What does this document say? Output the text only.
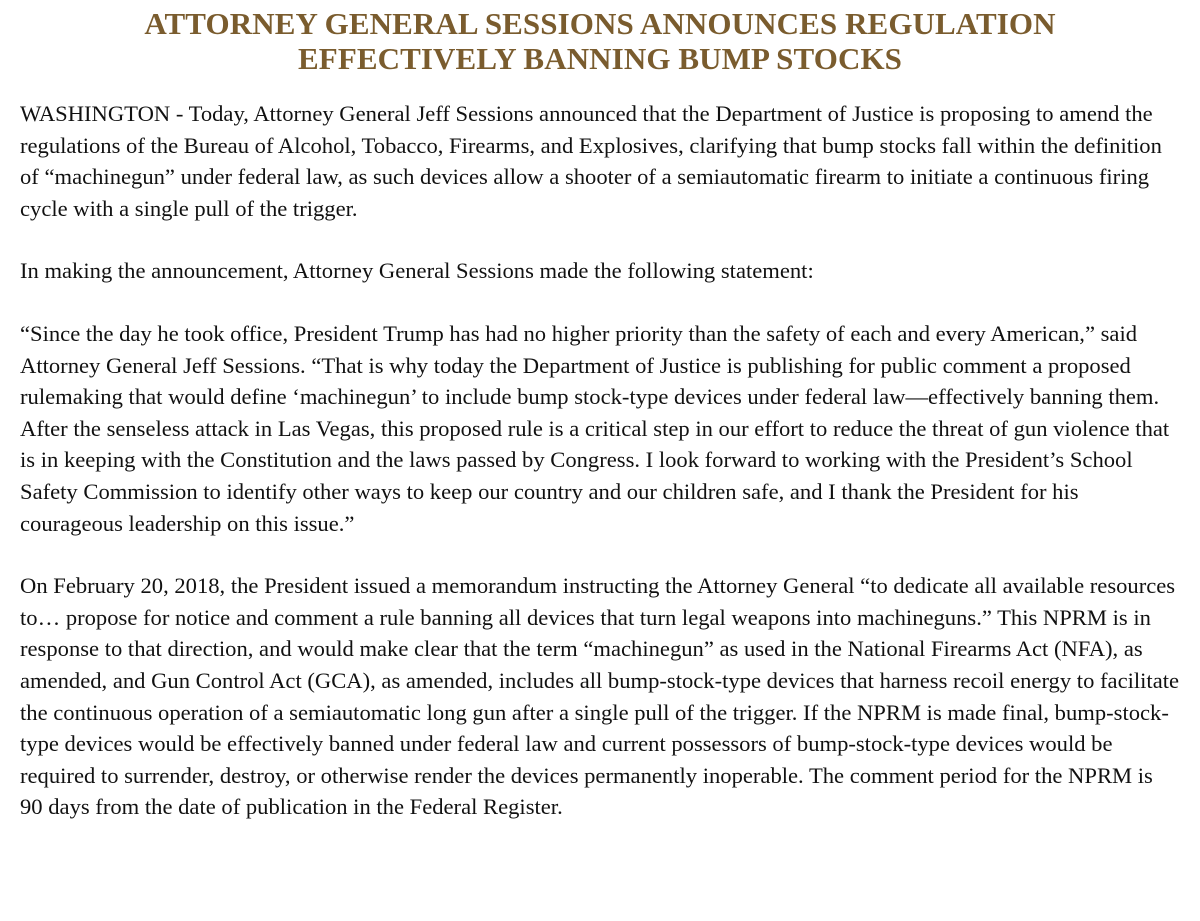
ATTORNEY GENERAL SESSIONS ANNOUNCES REGULATION
EFFECTIVELY BANNING BUMP STOCKS

WASHINGTON - Today, Attorney General Jeff Sessions announced that the Department of Justice is proposing to amend the regulations of the Bureau of Alcohol, Tobacco, Firearms, and Explosives, clarifying that bump stocks fall within the definition of “machinegun” under federal law, as such devices allow a shooter of a semiautomatic firearm to initiate a continuous firing cycle with a single pull of the trigger.

In making the announcement, Attorney General Sessions made the following statement:

“Since the day he took office, President Trump has had no higher priority than the safety of each and every American,” said Attorney General Jeff Sessions. “That is why today the Department of Justice is publishing for public comment a proposed rulemaking that would define ‘machinegun’ to include bump stock-type devices under federal law—effectively banning them. After the senseless attack in Las Vegas, this proposed rule is a critical step in our effort to reduce the threat of gun violence that is in keeping with the Constitution and the laws passed by Congress. I look forward to working with the President’s School Safety Commission to identify other ways to keep our country and our children safe, and I thank the President for his courageous leadership on this issue.”

On February 20, 2018, the President issued a memorandum instructing the Attorney General “to dedicate all available resources to… propose for notice and comment a rule banning all devices that turn legal weapons into machineguns.” This NPRM is in response to that direction, and would make clear that the term “machinegun” as used in the National Firearms Act (NFA), as amended, and Gun Control Act (GCA), as amended, includes all bump-stock-type devices that harness recoil energy to facilitate the continuous operation of a semiautomatic long gun after a single pull of the trigger. If the NPRM is made final, bump-stock-type devices would be effectively banned under federal law and current possessors of bump-stock-type devices would be required to surrender, destroy, or otherwise render the devices permanently inoperable. The comment period for the NPRM is 90 days from the date of publication in the Federal Register.
